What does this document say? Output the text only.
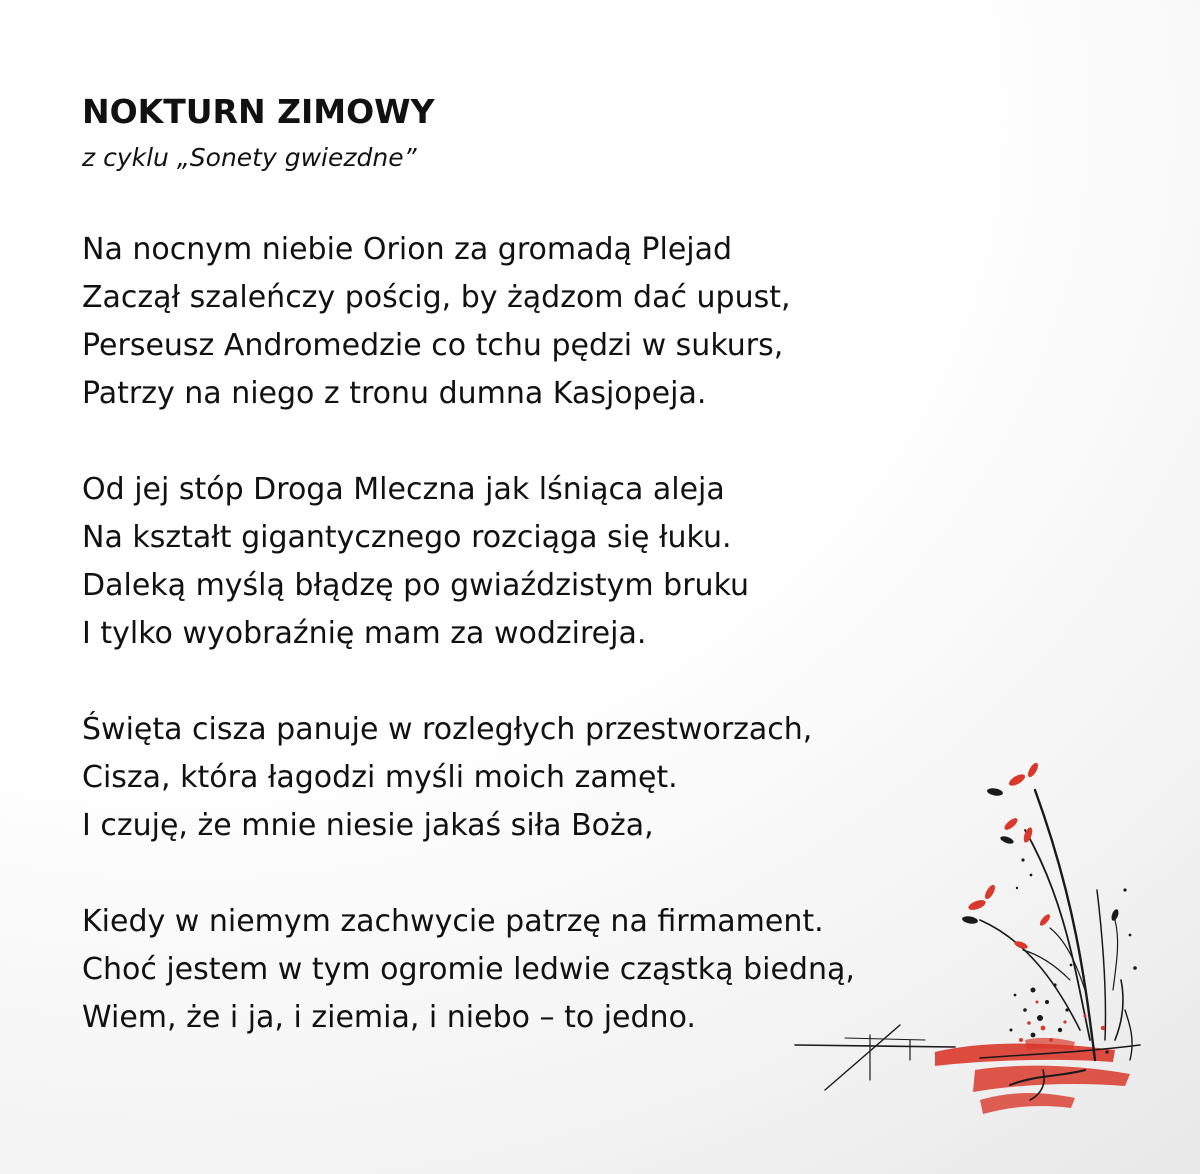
NOKTURN ZIMOWY

z cyklu „Sonety gwiezdne”

Na nocnym niebie Orion za gromadą Plejad
Zaczął szaleńczy pościg, by żądzom dać upust,
Perseusz Andromedzie co tchu pędzi w sukurs,
Patrzy na niego z tronu dumna Kasjopeja.
Od jej stóp Droga Mleczna jak lśniąca aleja
Na kształt gigantycznego rozciąga się łuku.
Daleką myślą błądzę po gwiaździstym bruku
I tylko wyobraźnię mam za wodzireja.
Święta cisza panuje w rozległych przestworzach,
Cisza, która łagodzi myśli moich zamęt.
I czuję, że mnie niesie jakaś siła Boża,
Kiedy w niemym zachwycie patrzę na firmament.
Choć jestem w tym ogromie ledwie cząstką biedną,
Wiem, że i ja, i ziemia, i niebo – to jedno.
